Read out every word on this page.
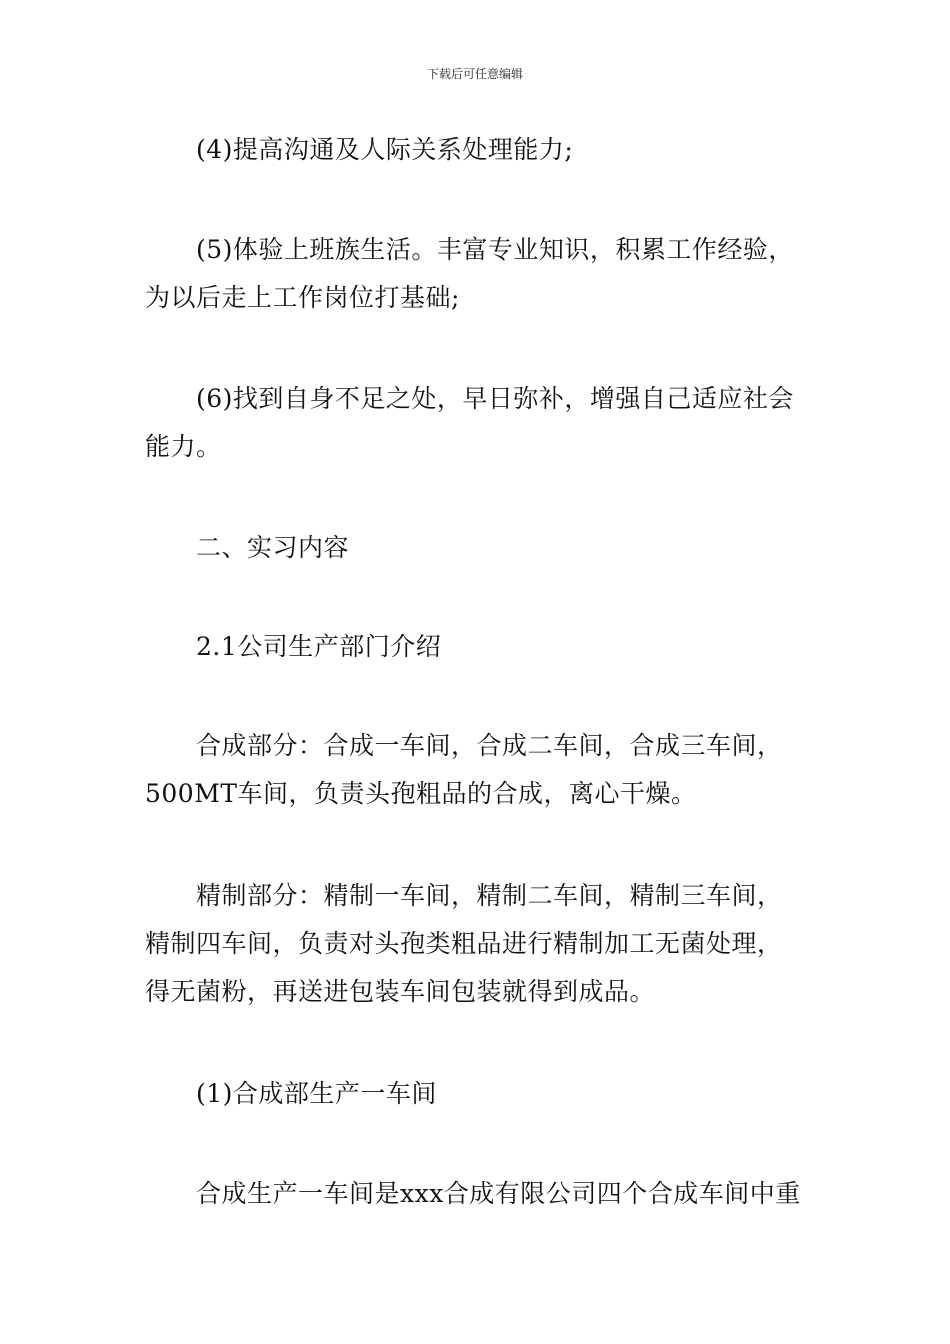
下载后可任意编辑
(4)提高沟通及人际关系处理能力;
(5)体验上班族生活。丰富专业知识，积累工作经验，
为以后走上工作岗位打基础;
(6)找到自身不足之处，早日弥补，增强自己适应社会
能力。
二、实习内容
2.1公司生产部门介绍
合成部分：合成一车间，合成二车间，合成三车间，
500MT车间，负责头孢粗品的合成，离心干燥。
精制部分：精制一车间，精制二车间，精制三车间，
精制四车间，负责对头孢类粗品进行精制加工无菌处理，
得无菌粉，再送进包装车间包装就得到成品。
(1)合成部生产一车间
合成生产一车间是xxx合成有限公司四个合成车间中重
